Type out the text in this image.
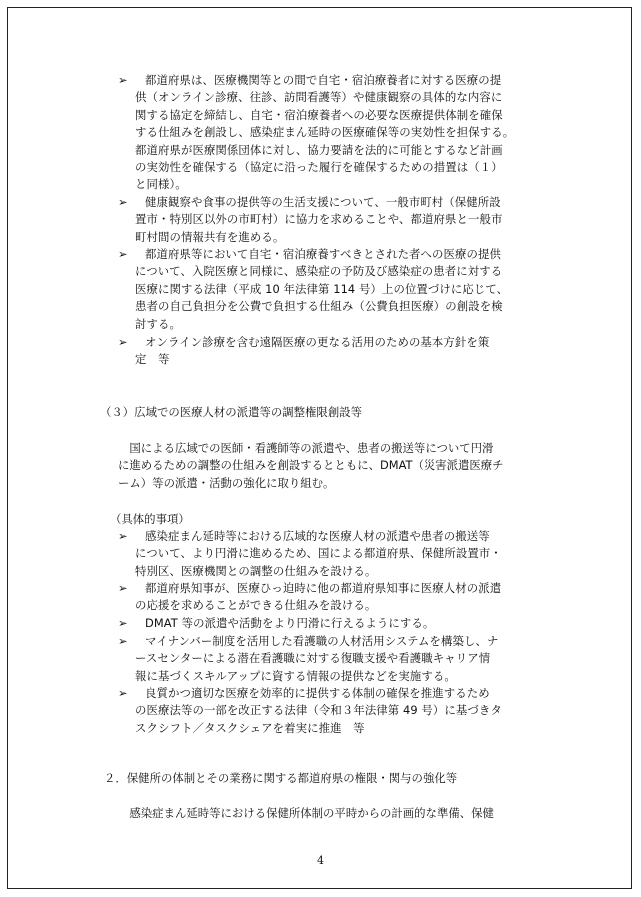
➢ 都道府県は、医療機関等との間で自宅・宿泊療養者に対する医療の提
供（オンライン診療、往診、訪問看護等）や健康観察の具体的な内容に
関する協定を締結し、自宅・宿泊療養者への必要な医療提供体制を確保
する仕組みを創設し、感染症まん延時の医療確保等の実効性を担保する。
都道府県が医療関係団体に対し、協力要請を法的に可能とするなど計画
の実効性を確保する（協定に沿った履行を確保するための措置は（１）
と同様）。
➢ 健康観察や食事の提供等の生活支援について、一般市町村（保健所設
置市・特別区以外の市町村）に協力を求めることや、都道府県と一般市
町村間の情報共有を進める。
➢ 都道府県等において自宅・宿泊療養すべきとされた者への医療の提供
について、入院医療と同様に、感染症の予防及び感染症の患者に対する
医療に関する法律（平成 10 年法律第 114 号）上の位置づけに応じて、
患者の自己負担分を公費で負担する仕組み（公費負担医療）の創設を検
討する。
➢ オンライン診療を含む遠隔医療の更なる活用のための基本方針を策
定　等
（３）広域での医療人材の派遣等の調整権限創設等
　国による広域での医師・看護師等の派遣や、患者の搬送等について円滑
に進めるための調整の仕組みを創設するとともに、DMAT（災害派遣医療チ
ーム）等の派遣・活動の強化に取り組む。
（具体的事項）
➢ 感染症まん延時等における広域的な医療人材の派遣や患者の搬送等
について、より円滑に進めるため、国による都道府県、保健所設置市・
特別区、医療機関との調整の仕組みを設ける。
➢ 都道府県知事が、医療ひっ迫時に他の都道府県知事に医療人材の派遣
の応援を求めることができる仕組みを設ける。
➢ DMAT 等の派遣や活動をより円滑に行えるようにする。
➢ マイナンバー制度を活用した看護職の人材活用システムを構築し、ナ
ースセンターによる潜在看護職に対する復職支援や看護職キャリア情
報に基づくスキルアップに資する情報の提供などを実施する。
➢ 良質かつ適切な医療を効率的に提供する体制の確保を推進するため
の医療法等の一部を改正する法律（令和３年法律第 49 号）に基づきタ
スクシフト／タスクシェアを着実に推進　等
２．保健所の体制とその業務に関する都道府県の権限・関与の強化等
　感染症まん延時等における保健所体制の平時からの計画的な準備、保健
4
